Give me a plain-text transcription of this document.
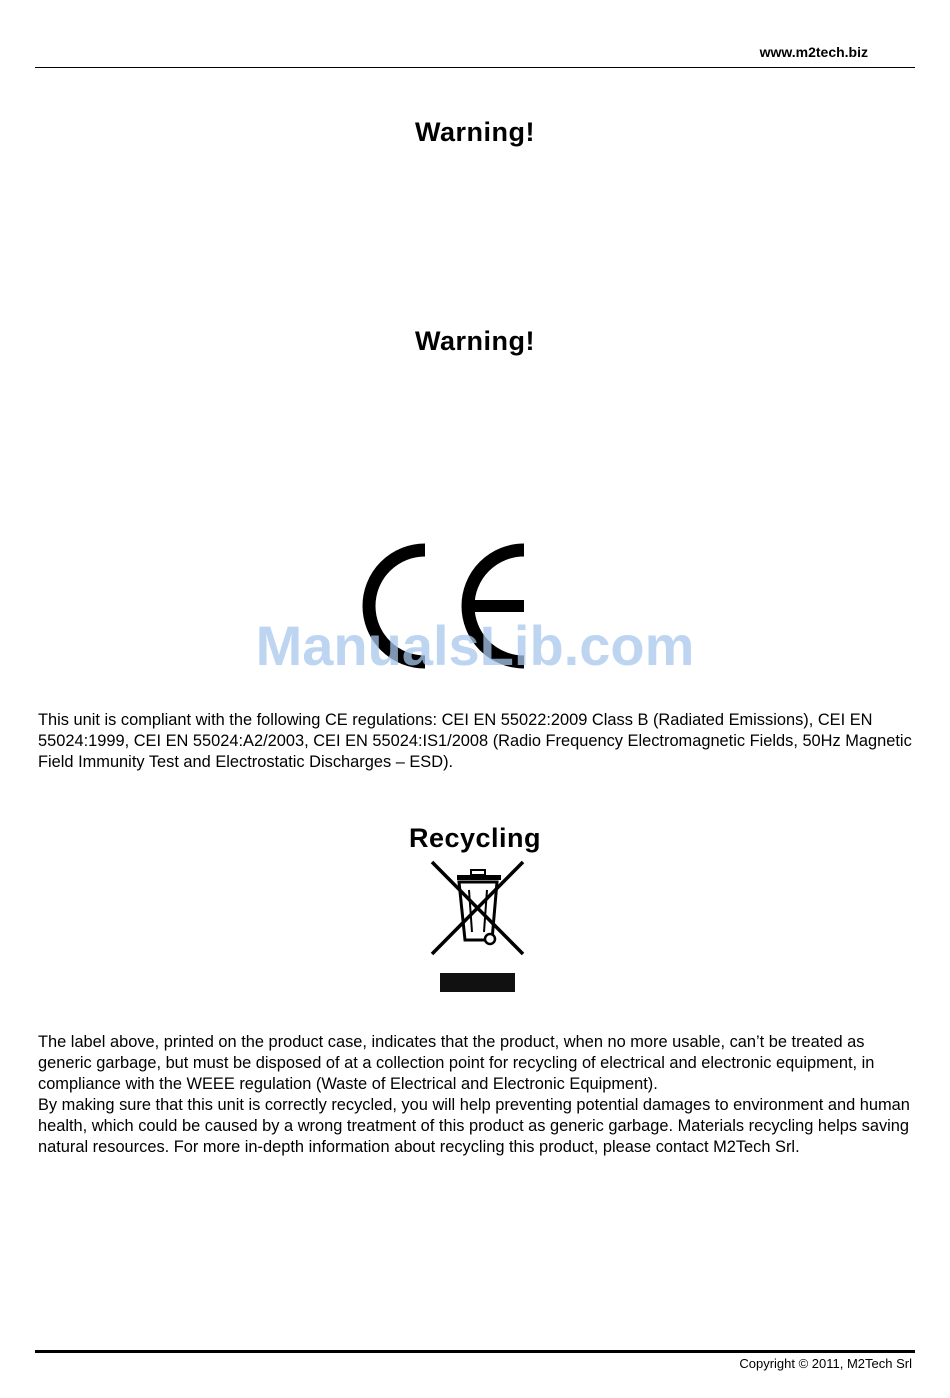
www.m2tech.biz
Warning!
Warning!
ManualsLib.com
This unit is compliant with the following CE regulations: CEI EN 55022:2009 Class B (Radiated Emissions), CEI EN 55024:1999, CEI EN 55024:A2/2003, CEI EN 55024:IS1/2008 (Radio Frequency Electromagnetic Fields, 50Hz Magnetic Field Immunity Test and Electrostatic Discharges – ESD).
Recycling
The label above, printed on the product case, indicates that the product, when no more usable, can’t be treated as generic garbage, but must be disposed of at a collection point for recycling of electrical and electronic equipment, in compliance with the WEEE regulation (Waste of Electrical and Electronic Equipment).
By making sure that this unit is correctly recycled, you will help preventing potential damages to environment and human health, which could be caused by a wrong treatment of this product as generic garbage. Materials recycling helps saving natural resources. For more in-depth information about recycling this product, please contact M2Tech Srl.
Copyright © 2011, M2Tech Srl
